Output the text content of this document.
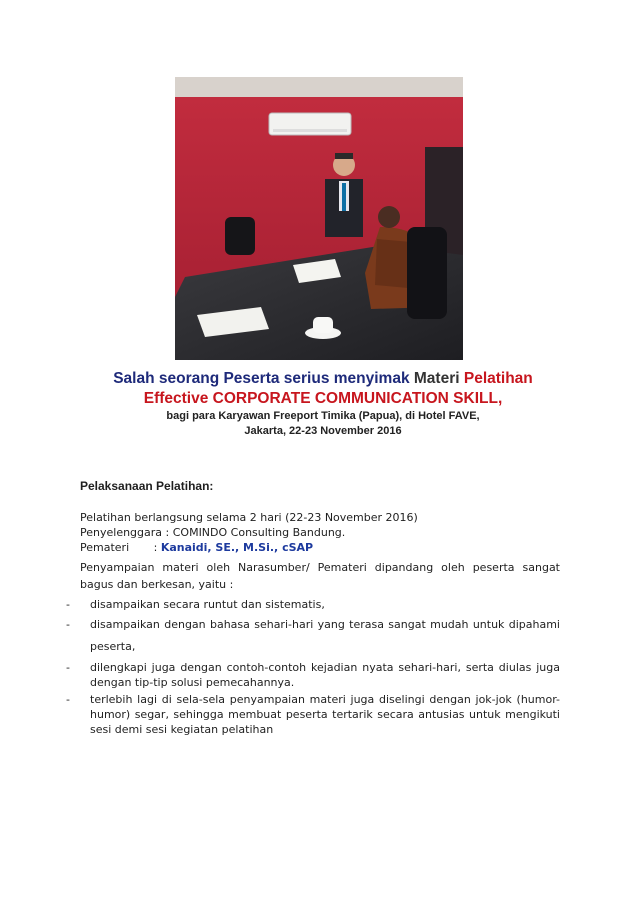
Salah seorang Peserta serius menyimak Materi Pelatihan
Effective CORPORATE COMMUNICATION SKILL,
bagi para Karyawan Freeport Timika (Papua), di Hotel FAVE,
Jakarta, 22-23 November 2016
Pelaksanaan Pelatihan:
Pelatihan berlangsung selama 2 hari (22-23 November 2016)
Penyelenggara : COMINDO Consulting Bandung.
Pemateri       : Kanaidi, SE., M.Si., cSAP
Penyampaian materi oleh Narasumber/ Pemateri dipandang oleh peserta sangat bagus dan berkesan, yaitu :
- disampaikan secara runtut dan sistematis,
- disampaikan dengan bahasa sehari-hari yang terasa sangat mudah untuk dipahami peserta,
- dilengkapi juga dengan contoh-contoh kejadian nyata sehari-hari, serta diulas juga dengan tip-tip solusi pemecahannya.
- terlebih lagi di sela-sela penyampaian materi juga diselingi dengan jok-jok (humor-humor) segar, sehingga membuat peserta tertarik secara antusias untuk mengikuti sesi demi sesi kegiatan pelatihan
